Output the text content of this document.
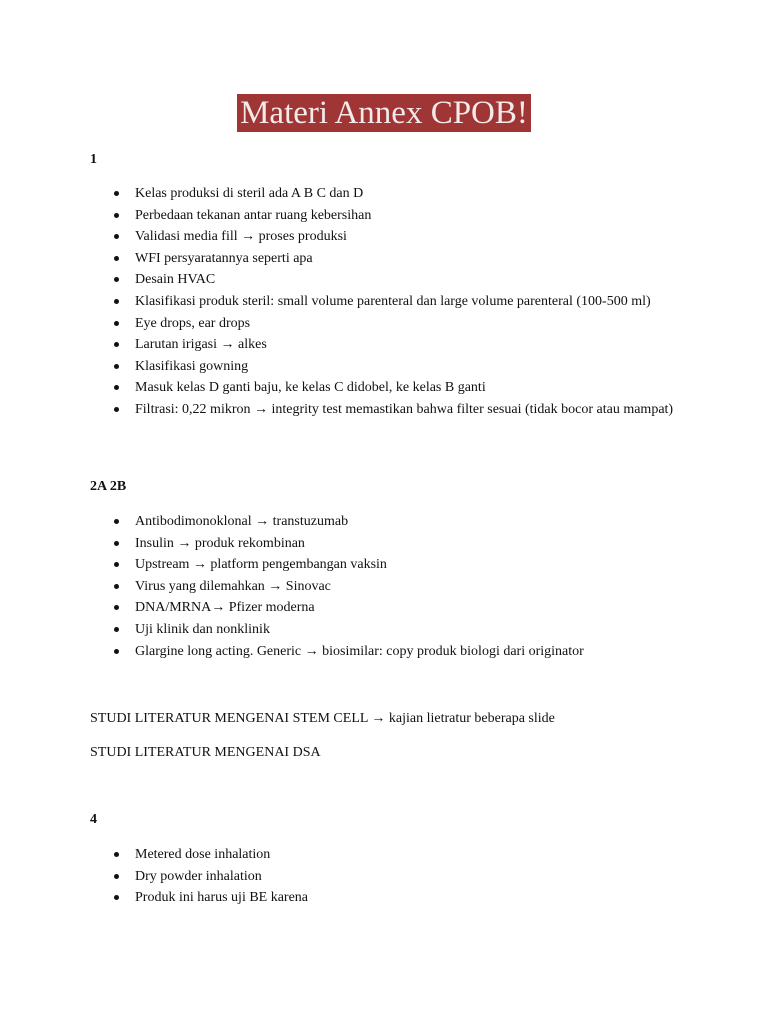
Materi Annex CPOB!
1
Kelas produksi di steril ada A B C dan D
Perbedaan tekanan antar ruang kebersihan
Validasi media fill → proses produksi
WFI persyaratannya seperti apa
Desain HVAC
Klasifikasi produk steril: small volume parenteral dan large volume parenteral (100-500 ml)
Eye drops, ear drops
Larutan irigasi → alkes
Klasifikasi gowning
Masuk kelas D ganti baju, ke kelas C didobel, ke kelas B ganti
Filtrasi: 0,22 mikron → integrity test memastikan bahwa filter sesuai (tidak bocor atau mampat)
2A 2B
Antibodimonoklonal → transtuzumab
Insulin → produk rekombinan
Upstream → platform pengembangan vaksin
Virus yang dilemahkan → Sinovac
DNA/MRNA→ Pfizer moderna
Uji klinik dan nonklinik
Glargine long acting. Generic → biosimilar: copy produk biologi dari originator
STUDI LITERATUR MENGENAI STEM CELL → kajian lietratur beberapa slide
STUDI LITERATUR MENGENAI DSA
4
Metered dose inhalation
Dry powder inhalation
Produk ini harus uji BE karena
